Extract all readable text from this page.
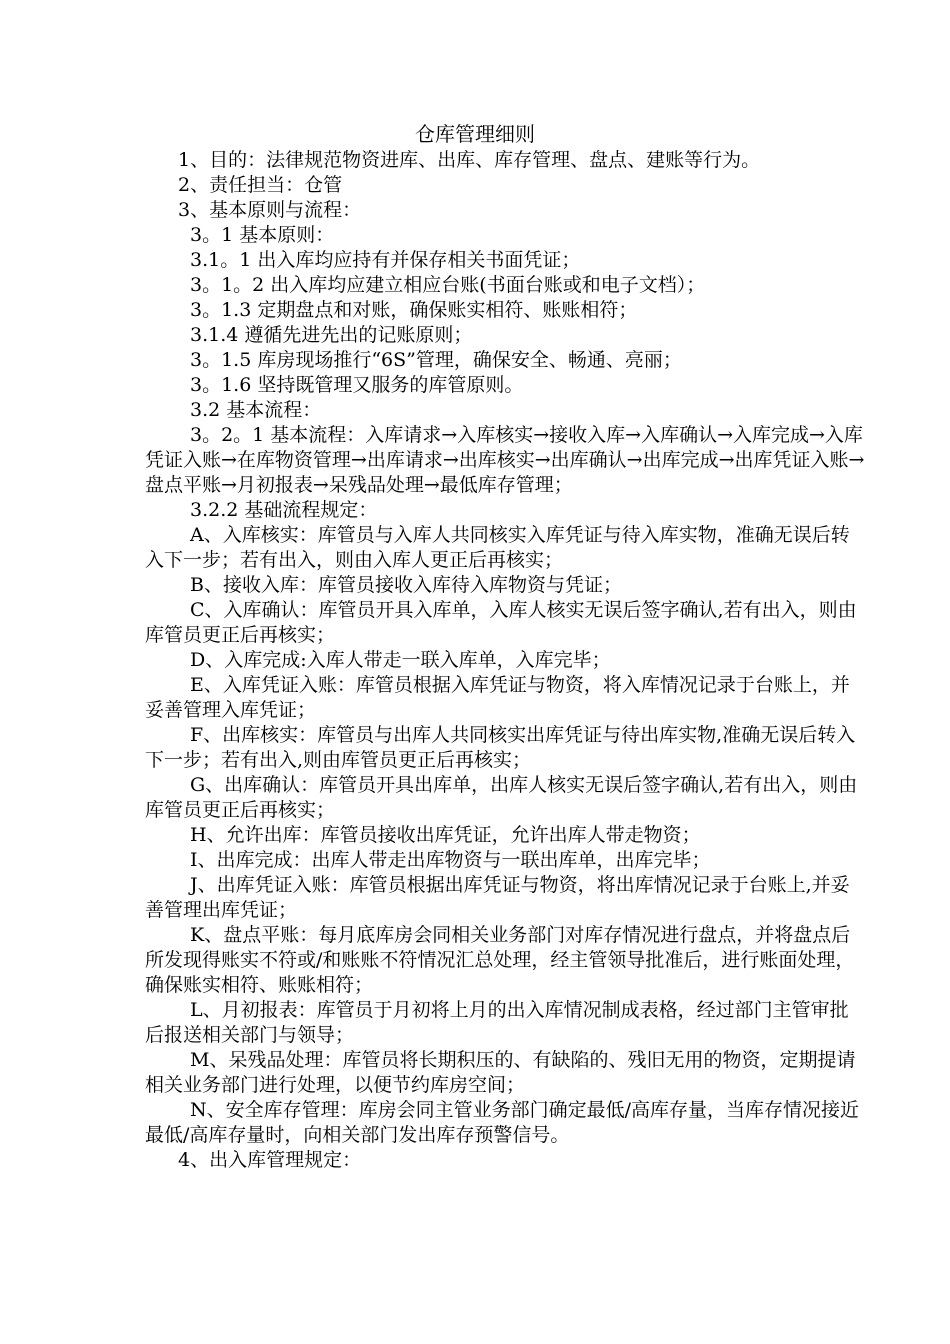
仓库管理细则

1、目的：法律规范物资进库、出库、库存管理、盘点、建账等行为。

2、责任担当：仓管

3、基本原则与流程：

3。1 基本原则：

3.1。1 出入库均应持有并保存相关书面凭证；

3。1。2 出入库均应建立相应台账(书面台账或和电子文档）；

3。1.3 定期盘点和对账，确保账实相符、账账相符；

3.1.4 遵循先进先出的记账原则；

3。1.5 库房现场推行“6S”管理，确保安全、畅通、亮丽；

3。1.6 坚持既管理又服务的库管原则。

3.2 基本流程：

3。2。1 基本流程：入库请求→入库核实→接收入库→入库确认→入库完成→入库凭证入账→在库物资管理→出库请求→出库核实→出库确认→出库完成→出库凭证入账→盘点平账→月初报表→呆残品处理→最低库存管理；

3.2.2 基础流程规定：

A、入库核实：库管员与入库人共同核实入库凭证与待入库实物，准确无误后转入下一步；若有出入，则由入库人更正后再核实；

B、接收入库：库管员接收入库待入库物资与凭证；

C、入库确认：库管员开具入库单，入库人核实无误后签字确认,若有出入，则由库管员更正后再核实；

D、入库完成:入库人带走一联入库单，入库完毕；

E、入库凭证入账：库管员根据入库凭证与物资，将入库情况记录于台账上，并妥善管理入库凭证；

F、出库核实：库管员与出库人共同核实出库凭证与待出库实物,准确无误后转入下一步；若有出入,则由库管员更正后再核实；

G、出库确认：库管员开具出库单，出库人核实无误后签字确认,若有出入，则由库管员更正后再核实；

H、允许出库：库管员接收出库凭证，允许出库人带走物资；

I、出库完成：出库人带走出库物资与一联出库单，出库完毕；

J、出库凭证入账：库管员根据出库凭证与物资，将出库情况记录于台账上,并妥善管理出库凭证；

K、盘点平账：每月底库房会同相关业务部门对库存情况进行盘点，并将盘点后所发现得账实不符或/和账账不符情况汇总处理，经主管领导批准后，进行账面处理，确保账实相符、账账相符；

L、月初报表：库管员于月初将上月的出入库情况制成表格，经过部门主管审批后报送相关部门与领导；

M、呆残品处理：库管员将长期积压的、有缺陷的、残旧无用的物资，定期提请相关业务部门进行处理，以便节约库房空间；

N、安全库存管理：库房会同主管业务部门确定最低/高库存量，当库存情况接近最低/高库存量时，向相关部门发出库存预警信号。

4、出入库管理规定：
